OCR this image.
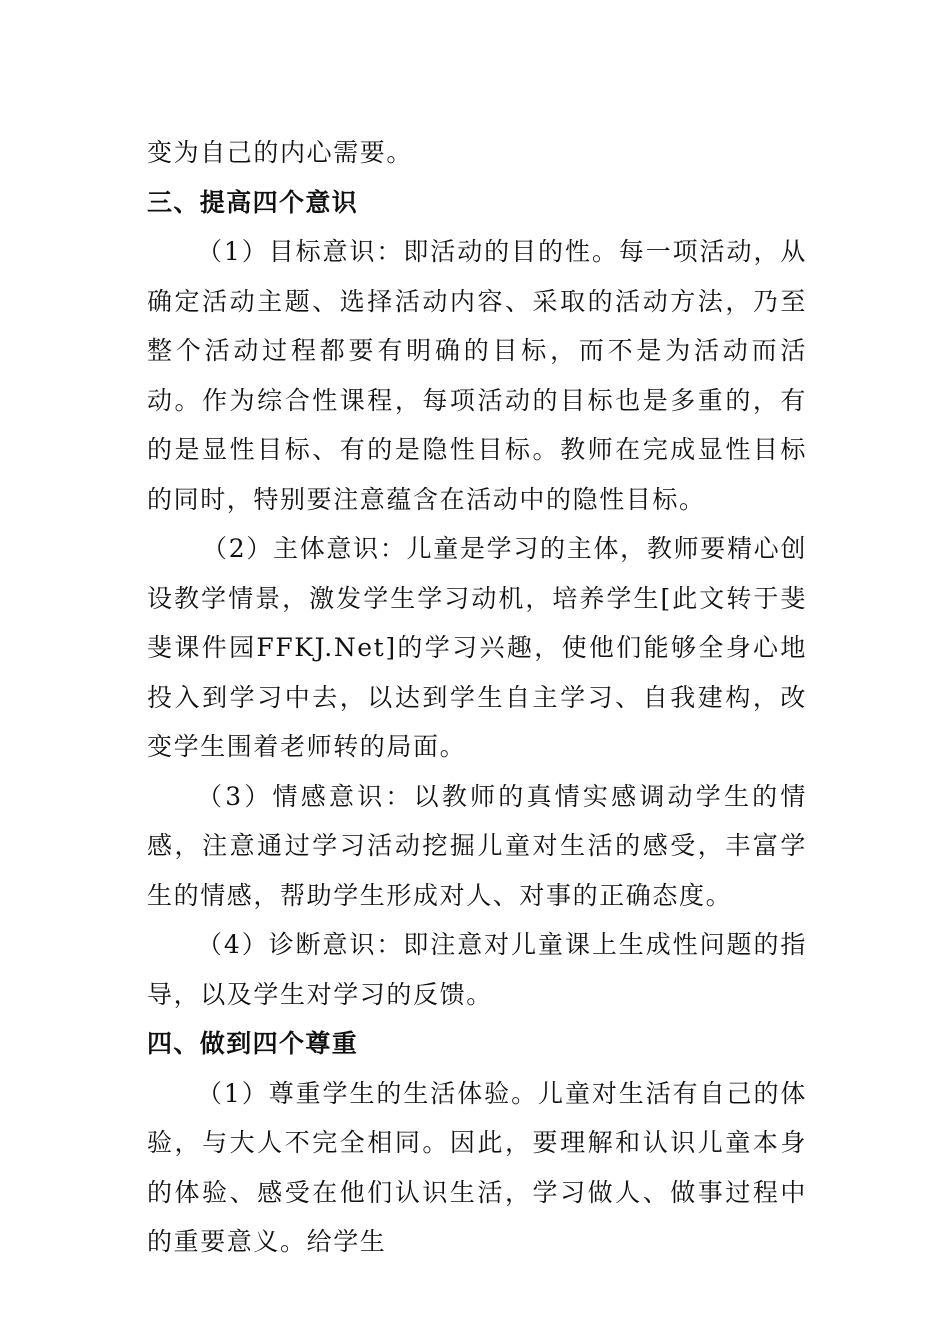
变为自己的内心需要。

三、提高四个意识

（1）目标意识：即活动的目的性。每一项活动，从确定活动主题、选择活动内容、采取的活动方法，乃至整个活动过程都要有明确的目标，而不是为活动而活动。作为综合性课程，每项活动的目标也是多重的，有的是显性目标、有的是隐性目标。教师在完成显性目标的同时，特别要注意蕴含在活动中的隐性目标。

（2）主体意识：儿童是学习的主体，教师要精心创设教学情景，激发学生学习动机，培养学生[此文转于斐斐课件园FFKJ.Net]的学习兴趣，使他们能够全身心地投入到学习中去，以达到学生自主学习、自我建构，改变学生围着老师转的局面。

（3）情感意识：以教师的真情实感调动学生的情感，注意通过学习活动挖掘儿童对生活的感受，丰富学生的情感，帮助学生形成对人、对事的正确态度。

（4）诊断意识：即注意对儿童课上生成性问题的指导，以及学生对学习的反馈。

四、做到四个尊重

（1）尊重学生的生活体验。儿童对生活有自己的体验，与大人不完全相同。因此，要理解和认识儿童本身的体验、感受在他们认识生活，学习做人、做事过程中的重要意义。给学生
